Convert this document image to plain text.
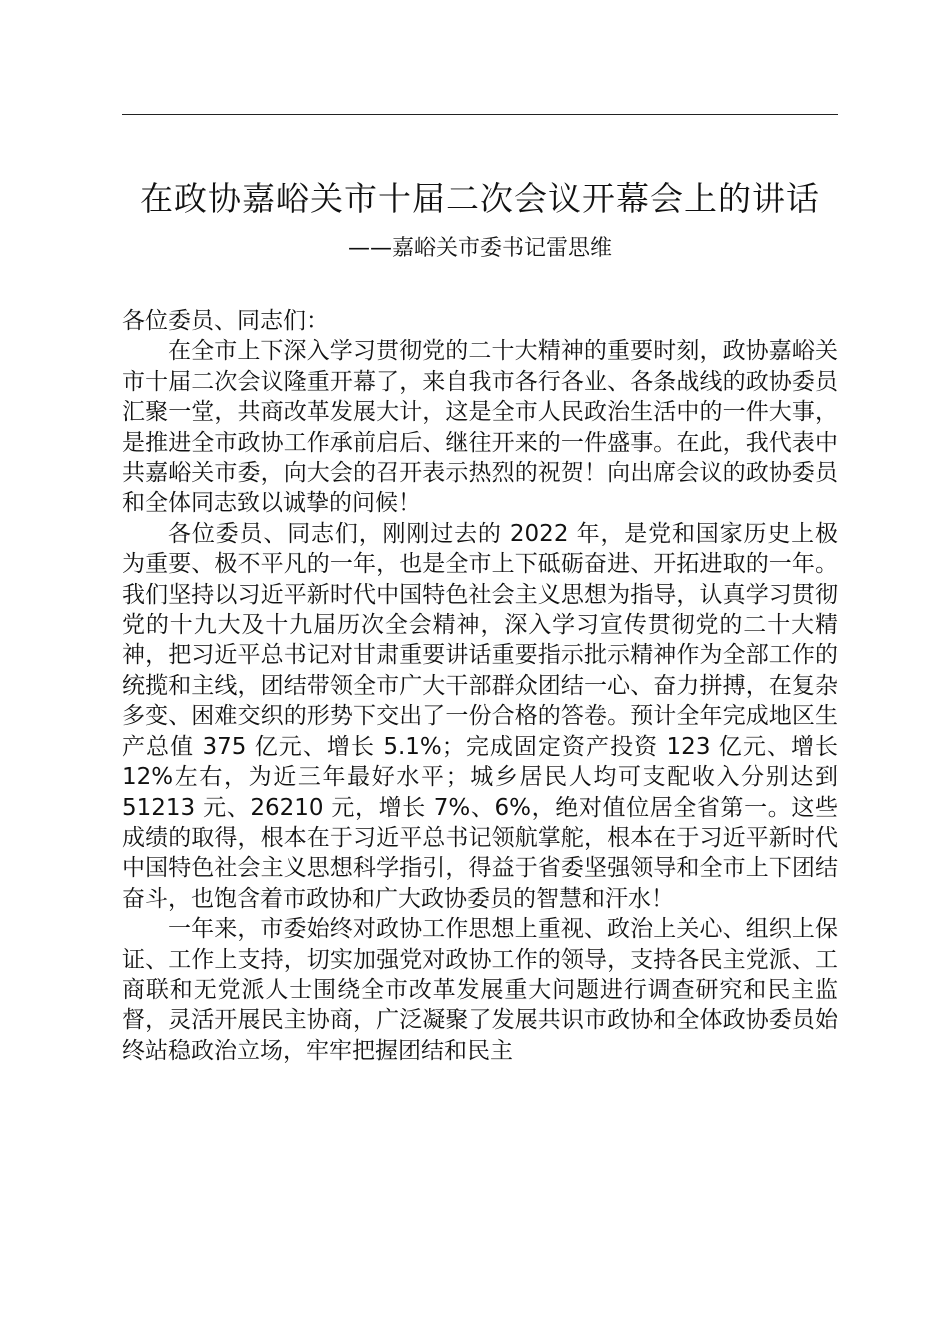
在政协嘉峪关市十届二次会议开幕会上的讲话
——嘉峪关市委书记雷思维

各位委员、同志们：

在全市上下深入学习贯彻党的二十大精神的重要时刻，政协嘉峪关市十届二次会议隆重开幕了，来自我市各行各业、各条战线的政协委员汇聚一堂，共商改革发展大计，这是全市人民政治生活中的一件大事，是推进全市政协工作承前启后、继往开来的一件盛事。在此，我代表中共嘉峪关市委，向大会的召开表示热烈的祝贺！向出席会议的政协委员和全体同志致以诚挚的问候！

各位委员、同志们，刚刚过去的 2022 年，是党和国家历史上极为重要、极不平凡的一年，也是全市上下砥砺奋进、开拓进取的一年。我们坚持以习近平新时代中国特色社会主义思想为指导，认真学习贯彻党的十九大及十九届历次全会精神，深入学习宣传贯彻党的二十大精神，把习近平总书记对甘肃重要讲话重要指示批示精神作为全部工作的统揽和主线，团结带领全市广大干部群众团结一心、奋力拼搏，在复杂多变、困难交织的形势下交出了一份合格的答卷。预计全年完成地区生产总值 375 亿元、增长 5.1%；完成固定资产投资 123 亿元、增长 12%左右，为近三年最好水平；城乡居民人均可支配收入分别达到 51213 元、26210 元，增长 7%、6%，绝对值位居全省第一。这些成绩的取得，根本在于习近平总书记领航掌舵，根本在于习近平新时代中国特色社会主义思想科学指引，得益于省委坚强领导和全市上下团结奋斗，也饱含着市政协和广大政协委员的智慧和汗水！

一年来，市委始终对政协工作思想上重视、政治上关心、组织上保证、工作上支持，切实加强党对政协工作的领导，支持各民主党派、工商联和无党派人士围绕全市改革发展重大问题进行调查研究和民主监督，灵活开展民主协商，广泛凝聚了发展共识市政协和全体政协委员始终站稳政治立场，牢牢把握团结和民主
